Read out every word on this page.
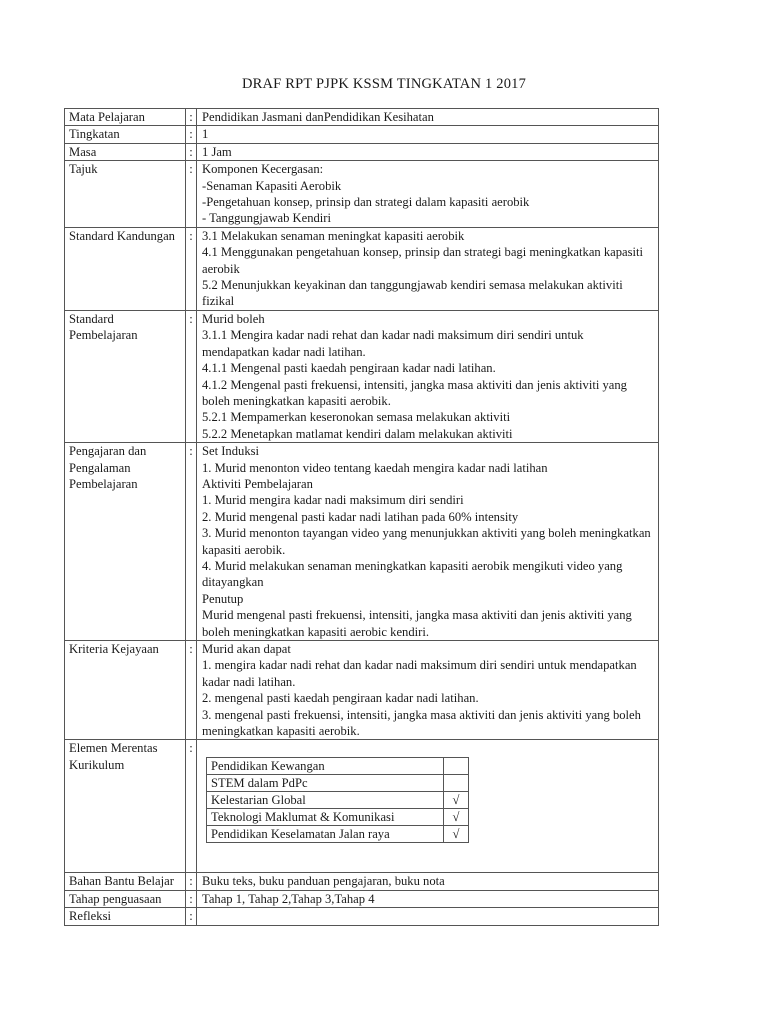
DRAF RPT PJPK KSSM TINGKATAN 1 2017
Mata Pelajaran	:	Pendidikan Jasmani danPendidikan Kesihatan

Tingkatan	:	1

Masa	:	1 Jam

Tajuk	:	Komponen Kecergasan:
-Senaman Kapasiti Aerobik
-Pengetahuan konsep, prinsip dan strategi dalam kapasiti aerobik
- Tanggungjawab Kendiri

Standard Kandungan	:	3.1 Melakukan senaman meningkat kapasiti aerobik
4.1 Menggunakan pengetahuan konsep, prinsip dan strategi bagi meningkatkan kapasiti aerobik
5.2 Menunjukkan keyakinan dan tanggungjawab kendiri semasa melakukan aktiviti fizikal

Standard Pembelajaran	:	Murid boleh
3.1.1 Mengira kadar nadi rehat dan kadar nadi maksimum diri sendiri untuk mendapatkan kadar nadi latihan.
4.1.1 Mengenal pasti kaedah pengiraan kadar nadi latihan.
4.1.2 Mengenal pasti frekuensi, intensiti, jangka masa aktiviti dan jenis aktiviti yang boleh meningkatkan kapasiti aerobik.
5.2.1 Mempamerkan keseronokan semasa melakukan aktiviti
5.2.2 Menetapkan matlamat kendiri dalam melakukan aktiviti

Pengajaran dan Pengalaman Pembelajaran	:	Set Induksi
1. Murid menonton video tentang kaedah mengira kadar nadi latihan
Aktiviti Pembelajaran
1. Murid mengira kadar nadi maksimum diri sendiri
2. Murid mengenal pasti kadar nadi latihan pada 60% intensity
3. Murid menonton tayangan video yang menunjukkan aktiviti yang boleh meningkatkan kapasiti aerobik.
4. Murid melakukan senaman meningkatkan kapasiti aerobik mengikuti video yang ditayangkan
Penutup
Murid mengenal pasti frekuensi, intensiti, jangka masa aktiviti dan jenis aktiviti yang boleh meningkatkan kapasiti aerobic kendiri.

Kriteria Kejayaan	:	Murid akan dapat
1. mengira kadar nadi rehat dan kadar nadi maksimum diri sendiri untuk mendapatkan kadar nadi latihan.
2. mengenal pasti kaedah pengiraan kadar nadi latihan.
3. mengenal pasti frekuensi, intensiti, jangka masa aktiviti dan jenis aktiviti yang boleh meningkatkan kapasiti aerobik.

Elemen Merentas Kurikulum	:	
Pendidikan Kewangan	
STEM dalam PdPc	
Kelestarian Global	√
Teknologi Maklumat & Komunikasi	√
Pendidikan Keselamatan Jalan raya	√

Bahan Bantu Belajar	:	Buku teks, buku panduan pengajaran, buku nota
Tahap penguasaan	:	Tahap 1, Tahap 2,Tahap 3,Tahap 4
Refleksi	:	
